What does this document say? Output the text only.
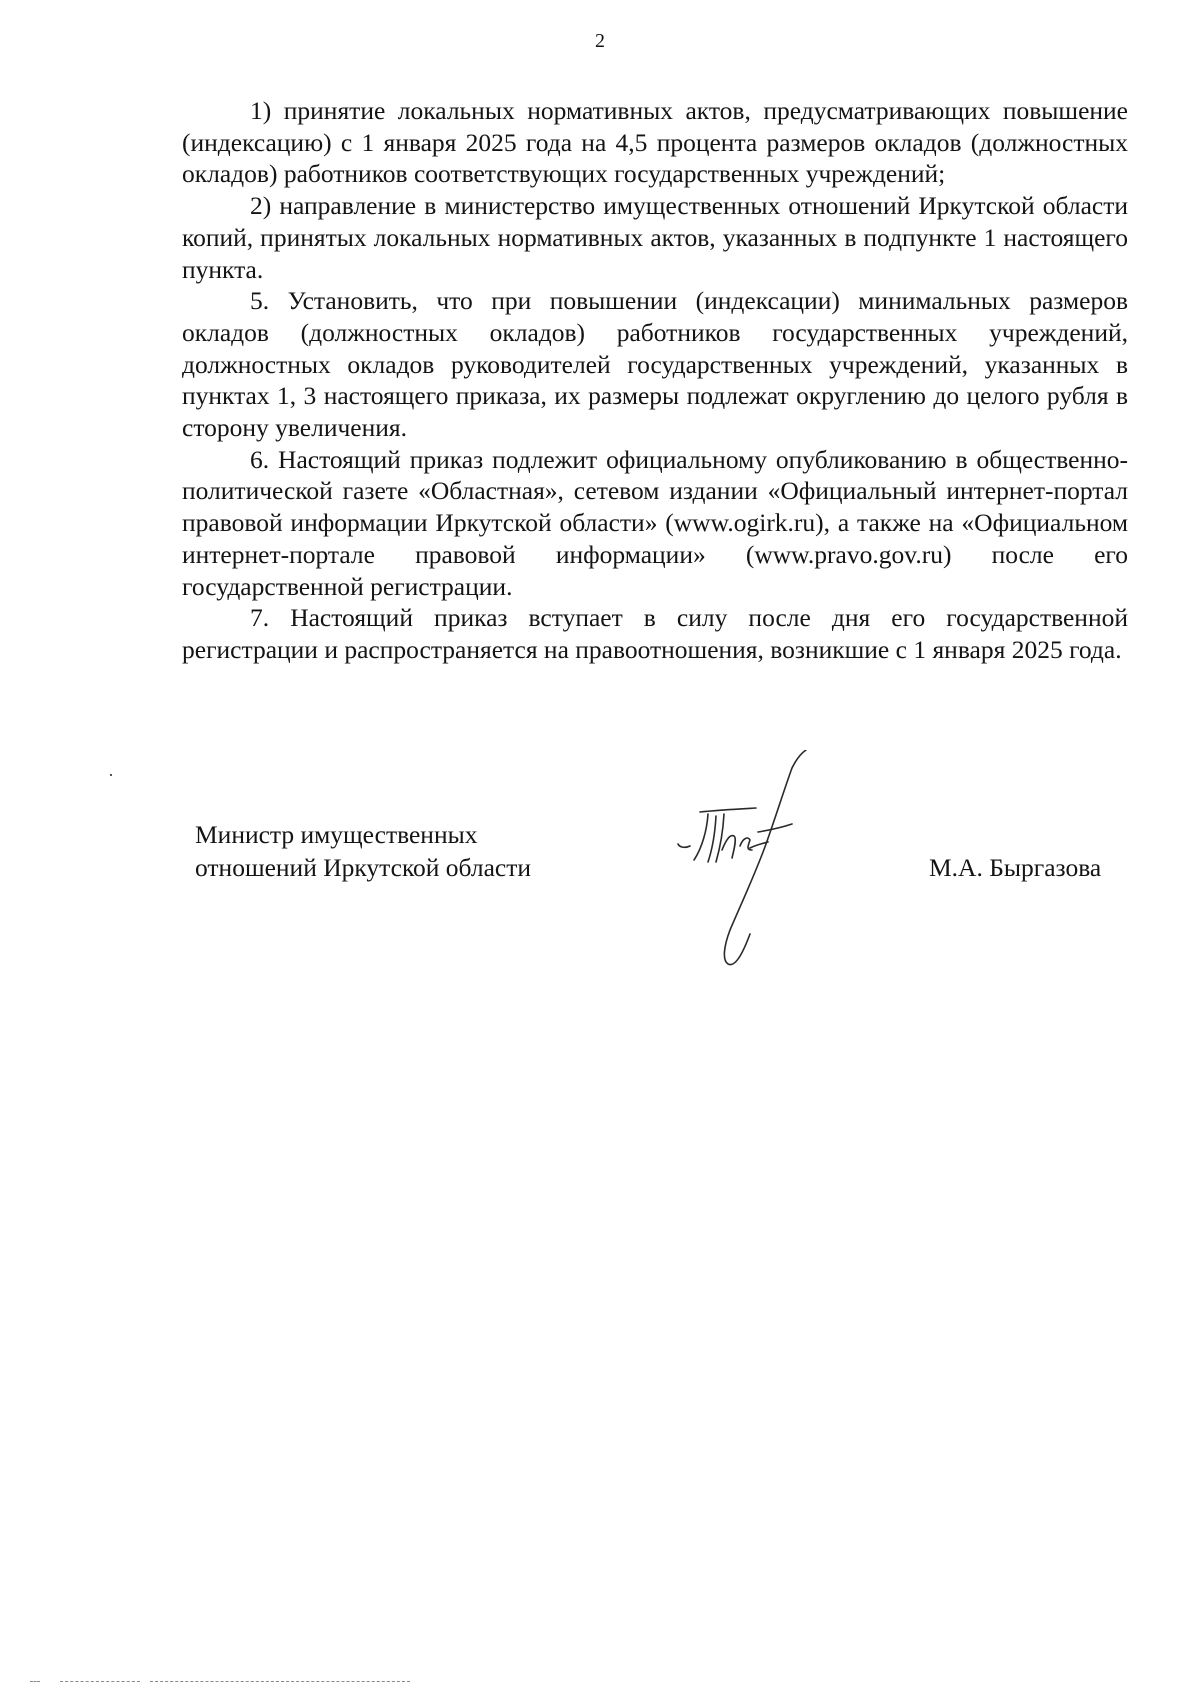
2

1) принятие локальных нормативных актов, предусматривающих повышение (индексацию) с 1 января 2025 года на 4,5 процента размеров окладов (должностных окладов) работников соответствующих государственных учреждений;

2) направление в министерство имущественных отношений Иркутской области копий, принятых локальных нормативных актов, указанных в подпункте 1 настоящего пункта.

5. Установить, что при повышении (индексации) минимальных размеров окладов (должностных окладов) работников государственных учреждений, должностных окладов руководителей государственных учреждений, указанных в пунктах 1, 3 настоящего приказа, их размеры подлежат округлению до целого рубля в сторону увеличения.

6. Настоящий приказ подлежит официальному опубликованию в общественно-политической газете «Областная», сетевом издании «Официальный интернет-портал правовой информации Иркутской области» (www.ogirk.ru), а также на «Официальном интернет-портале правовой информации» (www.pravo.gov.ru) после его государственной регистрации.

7. Настоящий приказ вступает в силу после дня его государственной регистрации и распространяется на правоотношения, возникшие с 1 января 2025 года.

Министр имущественных
отношений Иркутской области	М.А. Быргазова
